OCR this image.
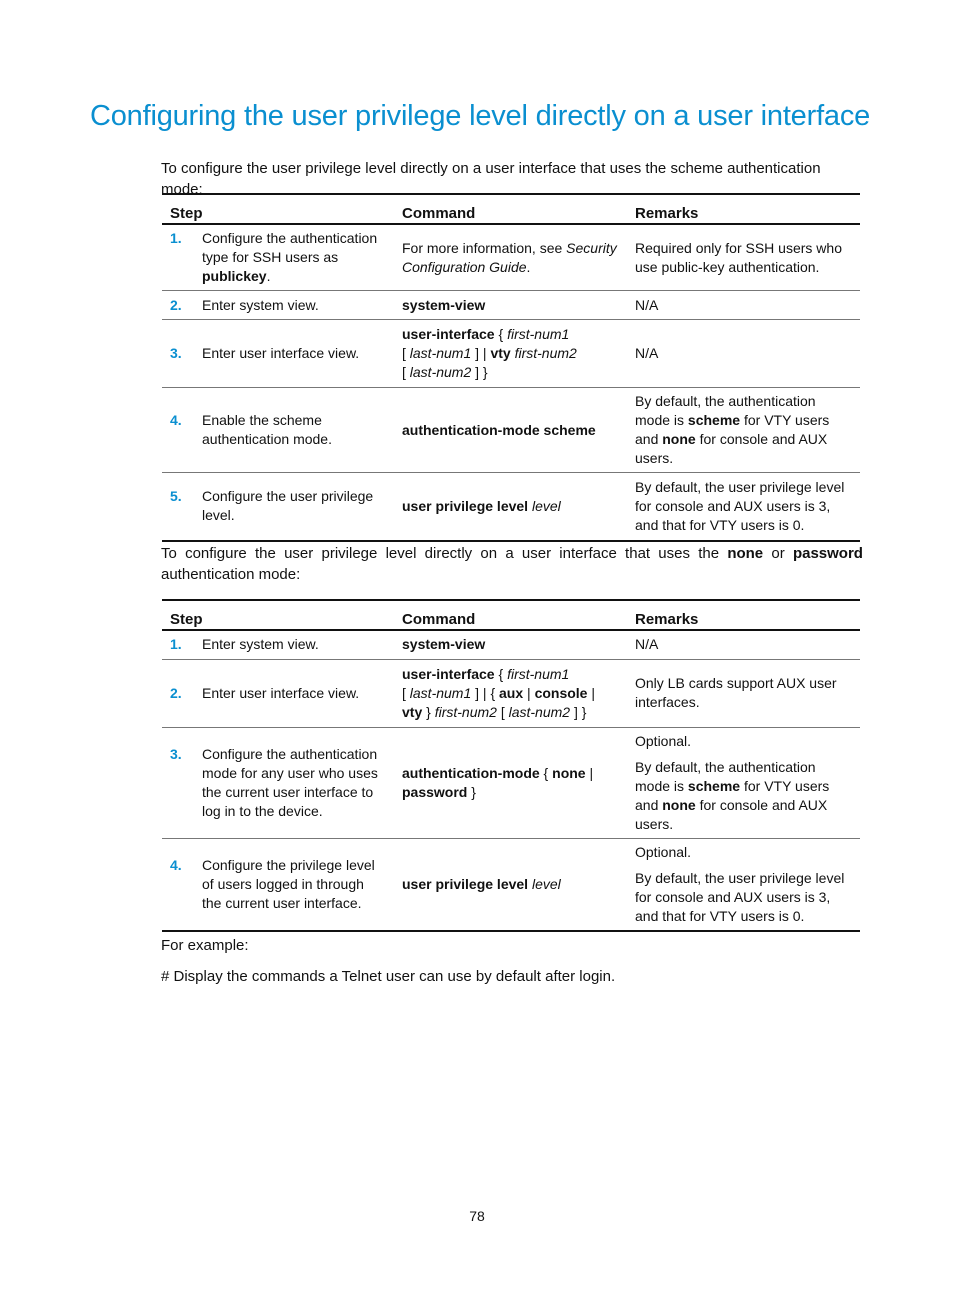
Configuring the user privilege level directly on a user interface

To configure the user privilege level directly on a user interface that uses the scheme authentication mode:

Step	Command	Remarks

1. Configure the authentication type for SSH users as publickey.	For more information, see Security Configuration Guide.	Required only for SSH users who use public-key authentication.

2. Enter system view.	system-view	N/A

3. Enter user interface view.	user-interface { first-num1
[ last-num1 ] | vty first-num2
[ last-num2 ] }	N/A

4. Enable the scheme authentication mode.	authentication-mode scheme	By default, the authentication mode is scheme for VTY users and none for console and AUX users.

5. Configure the user privilege level.	user privilege level level	By default, the user privilege level for console and AUX users is 3, and that for VTY users is 0.

To configure the user privilege level directly on a user interface that uses the none or password
authentication mode:

Step	Command	Remarks

1. Enter system view.	system-view	N/A

2. Enter user interface view.	user-interface { first-num1
[ last-num1 ] | { aux | console |
vty } first-num2 [ last-num2 ] }	Only LB cards support AUX user interfaces.

3. Configure the authentication mode for any user who uses the current user interface to log in to the device.	authentication-mode { none |
password }	Optional.
By default, the authentication mode is scheme for VTY users and none for console and AUX users.

4. Configure the privilege level of users logged in through the current user interface.	user privilege level level	Optional.
By default, the user privilege level for console and AUX users is 3, and that for VTY users is 0.

For example:

# Display the commands a Telnet user can use by default after login.

78
